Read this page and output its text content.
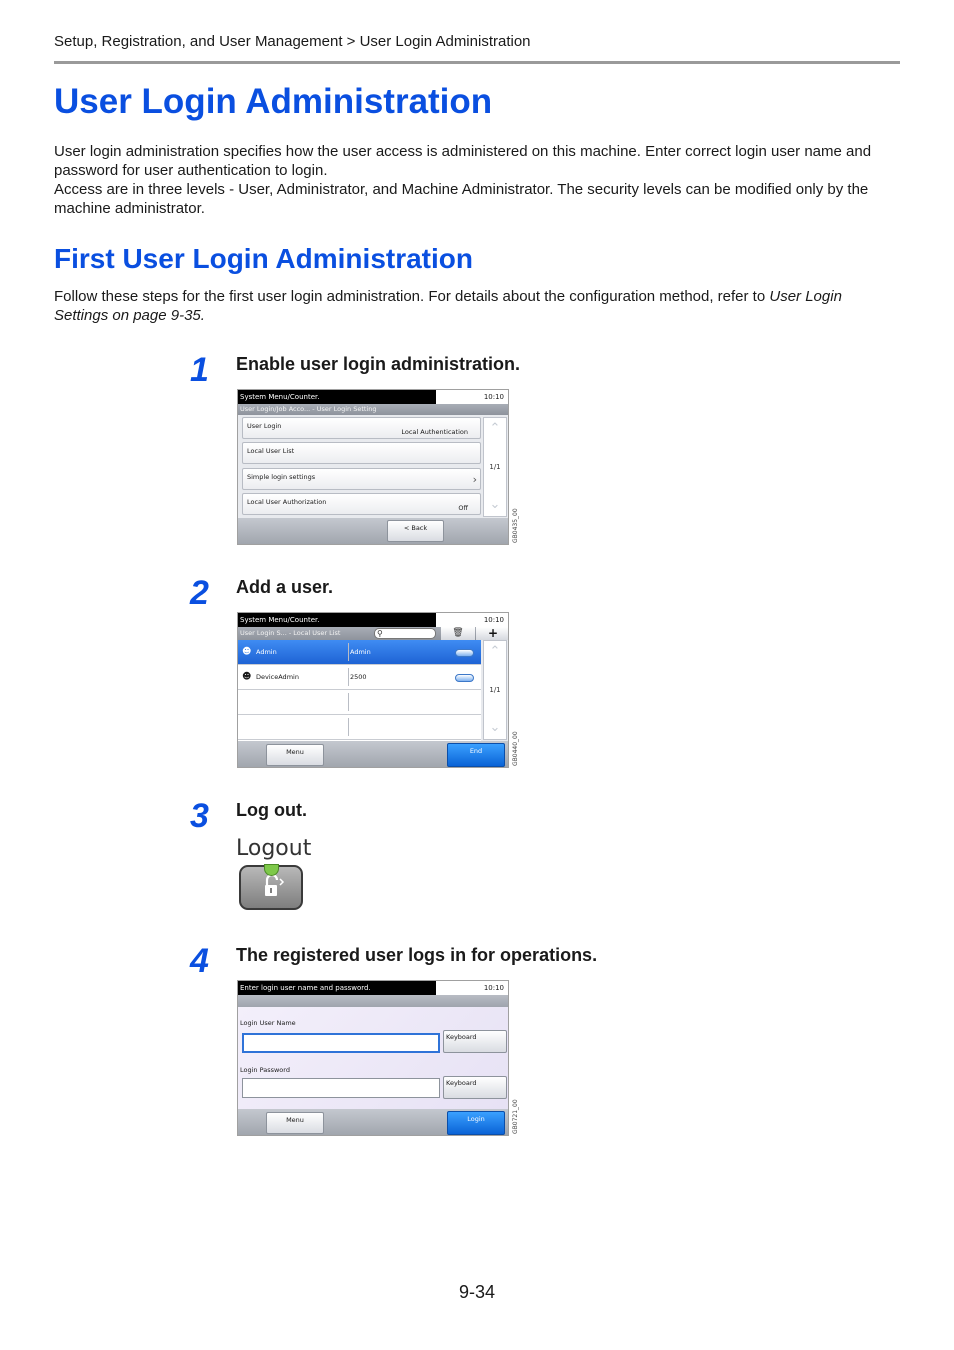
Setup, Registration, and User Management > User Login Administration
User Login Administration
User login administration specifies how the user access is administered on this machine. Enter correct login user name and password for user authentication to login.
Access are in three levels - User, Administrator, and Machine Administrator. The security levels can be modified only by the machine administrator.
First User Login Administration
Follow these steps for the first user login administration. For details about the configuration method, refer to User Login Settings on page 9-35.
1 Enable user login administration.
System Menu/Counter.	10:10
User Login/Job Acco... - User Login Setting
User Login
Local Authentication
Local User List
Simple login settings	›
Local User Authorization
Off
⌃
1/1
⌄
< Back	GB0435_00
2 Add a user.
System Menu/Counter.	10:10
User Login S... - Local User List	⚲	🗑	+
☻ Admin	Admin
☻ DeviceAdmin	2500
⌃
1/1
⌄
Menu	End	GB0440_00
3 Log out.
Logout
4 The registered user logs in for operations.
Enter login user name and password.	10:10
Login User Name
Keyboard
Login Password
Keyboard
Menu	Login	GB0721_00
9-34
